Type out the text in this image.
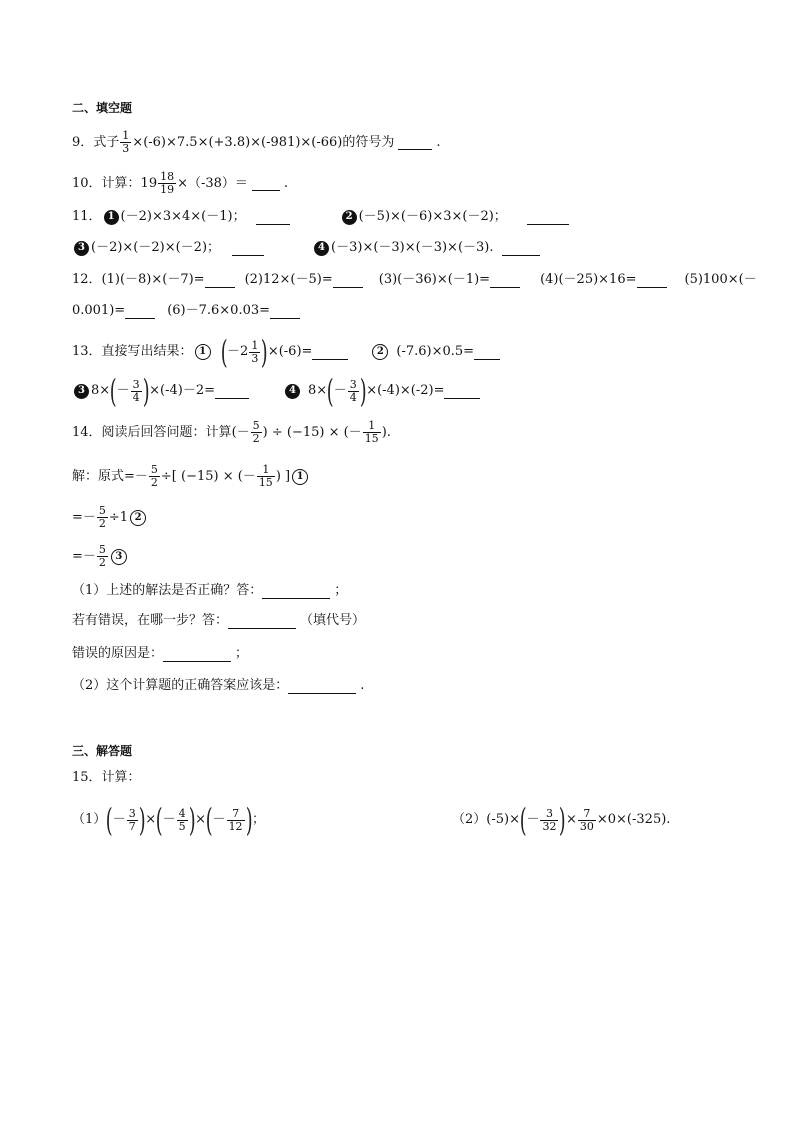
二、填空题
9． 式子 $\frac{1}{3} \times(-6)\times 7.5\times(+3.8)\times(-981)\times(-66)$ 的符号为	.
10． 计算：$19 \frac{18}{19} \times(-38)=$	.
11． 1 (－2)×3×4×(－1)；	2 (－5)×(－6)×3×(－2)；
3 (－2)×(－2)×(－2)；	4 (－3)×(－3)×(－3)×(－3).
12． (1)(－8)×(－7)=	(2)12×(－5)=	(3)(－36)×(－1)=	(4)(－25)×16=	(5)100×(－
0.001)=	(6)－7.6×0.03=
13． 直接写出结果： 1 ( $-2 \frac{1}{3}$ ) ×(-6)=	2 (-7.6)×0.5=
3 8× ( － $\frac{3}{4}$ ) ×(-4)－2=	4 8× ( － $\frac{3}{4}$ ) ×(-4)×(-2)=
14． 阅读后回答问题：计算 (－ $\frac{5}{2}$ ) ÷ (−15) × (－ $\frac{1}{15}$ ).
解：原式=－ $\frac{5}{2}$ ÷[ (−15) × (－ $\frac{1}{15}$ ) ] 1
=－ $\frac{5}{2} \div 1$ 2
=－ $\frac{5}{2} 3$
（1）上述的解法是否正确？答：	；
若有错误，在哪一步？答：	（填代号）
错误的原因是：	；
（2）这个计算题的正确答案应该是：	.
三、解答题
15． 计算：
（1） ( － $\frac{3}{7}$ ) × ( － $\frac{4}{5}$ ) × ( － $\frac{7}{12}$ ) ；	（2）(-5)× ( － $\frac{3}{32}$ ) × $\frac{7}{30} \times 0\times(-325)$ .
